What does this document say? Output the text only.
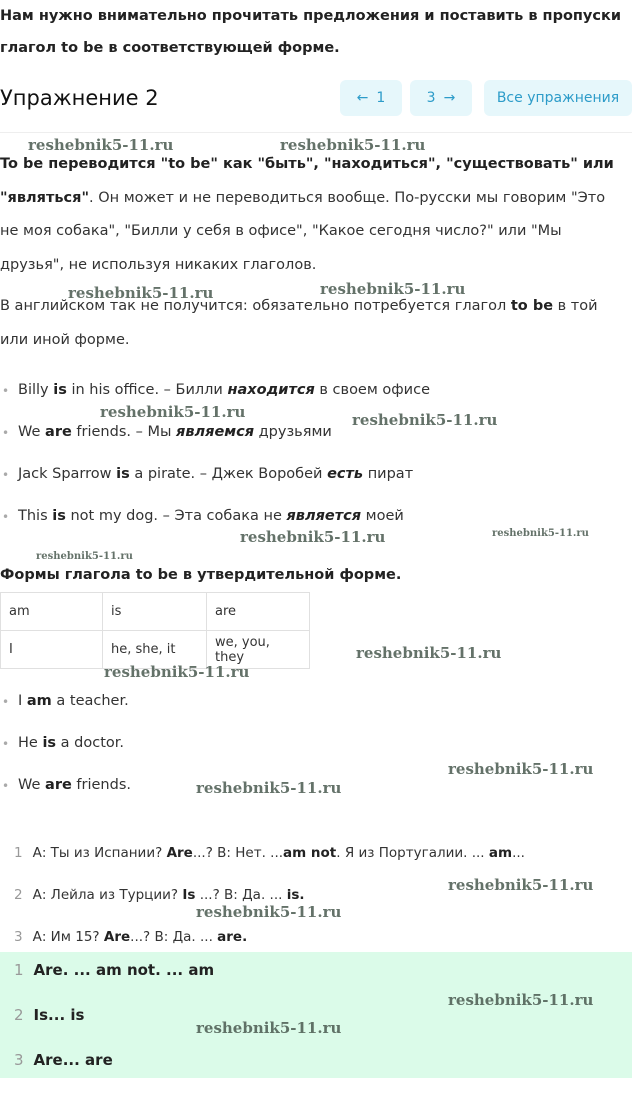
Нам нужно внимательно прочитать предложения и поставить в пропуски
глагол to be в соответствующей форме.
Упражнение 2	← 1	3 →	Все упражнения
To be переводится "to be" как "быть", "находиться", "существовать" или
"являться". Он может и не переводиться вообще. По-русски мы говорим "Это
не моя собака", "Билли у себя в офисе", "Какое сегодня число?" или "Мы
друзья", не используя никаких глаголов.
В английском так не получится: обязательно потребуется глагол to be в той
или иной форме.
• Billy is in his office. – Билли находится в своем офисе
• We are friends. – Мы являемся друзьями
• Jack Sparrow is a pirate. – Джек Воробей есть пират
• This is not my dog. – Эта собака не является моей
Формы глагола to be в утвердительной форме.
am	is	are
I	he, she, it	we, you, they
• I am a teacher.
• He is a doctor.
• We are friends.
1 А: Ты из Испании? Are...? В: Нет. ...am not. Я из Португалии. ... am...
2 А: Лейла из Турции? Is ...? В: Да. ... is.
3 А: Им 15? Are...? В: Да. ... are.
1 Are. ... am not. ... am
2 Is... is
3 Are... are
reshebnik5-11.ru	reshebnik5-11.ru
reshebnik5-11.ru	reshebnik5-11.ru
reshebnik5-11.ru	reshebnik5-11.ru
reshebnik5-11.ru	reshebnik5-11.ru
reshebnik5-11.ru
reshebnik5-11.ru
reshebnik5-11.ru
reshebnik5-11.ru
reshebnik5-11.ru
reshebnik5-11.ru
reshebnik5-11.ru
reshebnik5-11.ru
reshebnik5-11.ru
